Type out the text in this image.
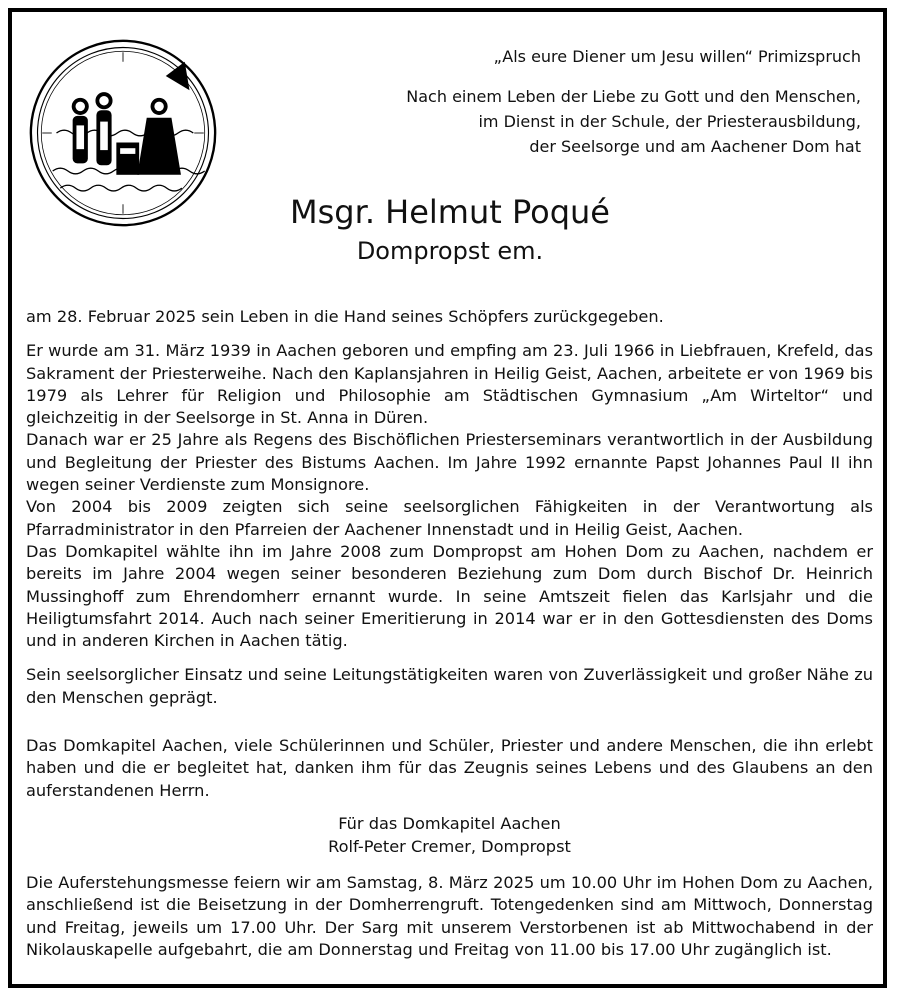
„Als eure Diener um Jesu willen“ Primizspruch
Nach einem Leben der Liebe zu Gott und den Menschen,
im Dienst in der Schule, der Priesterausbildung,
der Seelsorge und am Aachener Dom hat
Msgr. Helmut Poqué
Dompropst em.

am 28. Februar 2025 sein Leben in die Hand seines Schöpfers zurückgegeben.

Er wurde am 31. März 1939 in Aachen geboren und empfing am 23. Juli 1966 in Liebfrauen, Krefeld, das Sakrament der Priesterweihe. Nach den Kaplansjahren in Heilig Geist, Aachen, arbeitete er von 1969 bis 1979 als Lehrer für Religion und Philosophie am Städtischen Gymnasium „Am Wirteltor“ und gleichzeitig in der Seelsorge in St. Anna in Düren.

Danach war er 25 Jahre als Regens des Bischöflichen Priesterseminars verantwortlich in der Ausbildung und Begleitung der Priester des Bistums Aachen. Im Jahre 1992 ernannte Papst Johannes Paul II ihn wegen seiner Verdienste zum Monsignore.

Von 2004 bis 2009 zeigten sich seine seelsorglichen Fähigkeiten in der Verantwortung als Pfarradministrator in den Pfarreien der Aachener Innenstadt und in Heilig Geist, Aachen.

Das Domkapitel wählte ihn im Jahre 2008 zum Dompropst am Hohen Dom zu Aachen, nachdem er bereits im Jahre 2004 wegen seiner besonderen Beziehung zum Dom durch Bischof Dr. Heinrich Mussinghoff zum Ehrendomherr ernannt wurde. In seine Amtszeit fielen das Karlsjahr und die Heiligtumsfahrt 2014. Auch nach seiner Emeritierung in 2014 war er in den Gottesdiensten des Doms und in anderen Kirchen in Aachen tätig.

Sein seelsorglicher Einsatz und seine Leitungstätigkeiten waren von Zuverlässigkeit und großer Nähe zu den Menschen geprägt.

Das Domkapitel Aachen, viele Schülerinnen und Schüler, Priester und andere Menschen, die ihn erlebt haben und die er begleitet hat, danken ihm für das Zeugnis seines Lebens und des Glaubens an den auferstandenen Herrn.

Für das Domkapitel Aachen
Rolf-Peter Cremer, Dompropst

Die Auferstehungsmesse feiern wir am Samstag, 8. März 2025 um 10.00 Uhr im Hohen Dom zu Aachen, anschließend ist die Beisetzung in der Domherrengruft. Totengedenken sind am Mittwoch, Donnerstag und Freitag, jeweils um 17.00 Uhr. Der Sarg mit unserem Verstorbenen ist ab Mittwochabend in der Nikolauskapelle aufgebahrt, die am Donnerstag und Freitag von 11.00 bis 17.00 Uhr zugänglich ist.
